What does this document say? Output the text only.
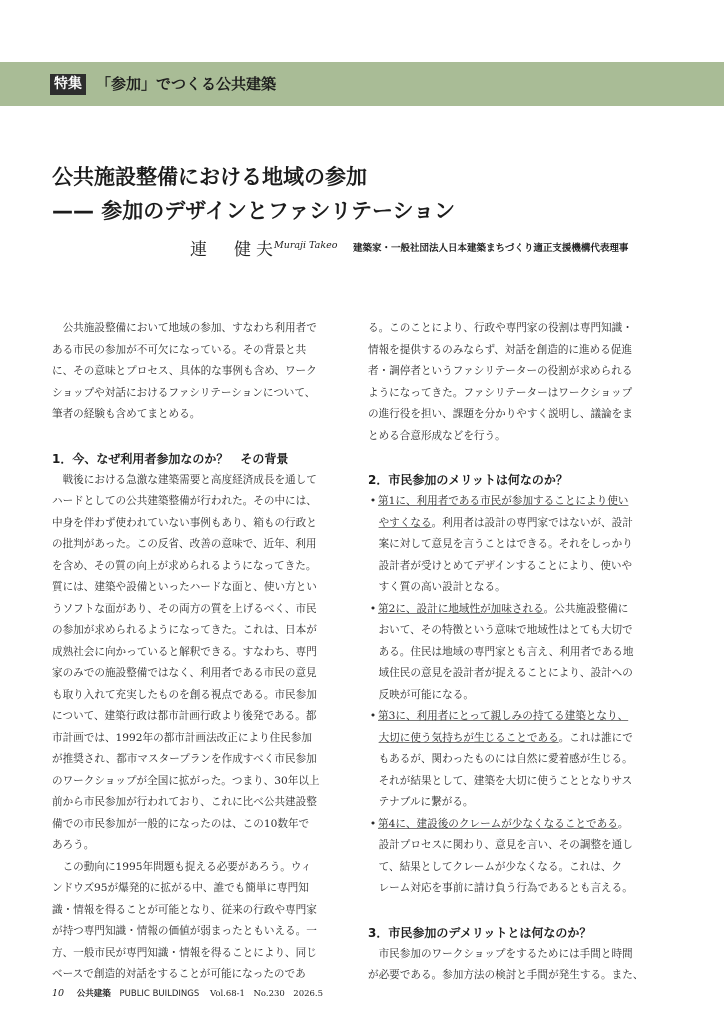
特集 「参加」でつくる公共建築
公共施設整備における地域の参加
—— 参加のデザインとファシリテーション
連　健夫
Muraji Takeo 建築家・一般社団法人日本建築まちづくり適正支援機構代表理事
　公共施設整備において地域の参加、すなわち利用者で
ある市民の参加が不可欠になっている。その背景と共
に、その意味とプロセス、具体的な事例も含め、ワーク
ショップや対話におけるファシリテーションについて、
筆者の経験も含めてまとめる。
1．今、なぜ利用者参加なのか？　その背景
　戦後における急激な建築需要と高度経済成長を通して
ハードとしての公共建築整備が行われた。その中には、
中身を伴わず使われていない事例もあり、箱もの行政と
の批判があった。この反省、改善の意味で、近年、利用
を含め、その質の向上が求められるようになってきた。
質には、建築や設備といったハードな面と、使い方とい
うソフトな面があり、その両方の質を上げるべく、市民
の参加が求められるようになってきた。これは、日本が
成熟社会に向かっていると解釈できる。すなわち、専門
家のみでの施設整備ではなく、利用者である市民の意見
も取り入れて充実したものを創る視点である。市民参加
について、建築行政は都市計画行政より後発である。都
市計画では、1992年の都市計画法改正により住民参加
が推奨され、都市マスタープランを作成すべく市民参加
のワークショップが全国に拡がった。つまり、30年以上
前から市民参加が行われており、これに比べ公共建設整
備での市民参加が一般的になったのは、この10数年で
あろう。
　この動向に1995年問題も捉える必要があろう。ウィ
ンドウズ95が爆発的に拡がる中、誰でも簡単に専門知
識・情報を得ることが可能となり、従来の行政や専門家
が持つ専門知識・情報の価値が弱まったともいえる。一
方、一般市民が専門知識・情報を得ることにより、同じ
ベースで創造的対話をすることが可能になったのであ
る。このことにより、行政や専門家の役割は専門知識・
情報を提供するのみならず、対話を創造的に進める促進
者・調停者というファシリテーターの役割が求められる
ようになってきた。ファシリテーターはワークショップ
の進行役を担い、課題を分かりやすく説明し、議論をま
とめる合意形成などを行う。
2．市民参加のメリットは何なのか？
• 第1に、利用者である市民が参加することにより使い
　やすくなる。利用者は設計の専門家ではないが、設計
　案に対して意見を言うことはできる。それをしっかり
　設計者が受けとめてデザインすることにより、使いや
　すく質の高い設計となる。
• 第2に、設計に地域性が加味される。公共施設整備に
　おいて、その特徴という意味で地域性はとても大切で
　ある。住民は地域の専門家とも言え、利用者である地
　域住民の意見を設計者が捉えることにより、設計への
　反映が可能になる。
• 第3に、利用者にとって親しみの持てる建築となり、
　大切に使う気持ちが生じることである。これは誰にで
　もあるが、関わったものには自然に愛着感が生じる。
　それが結果として、建築を大切に使うこととなりサス
　テナブルに繋がる。
• 第4に、建設後のクレームが少なくなることである。
　設計プロセスに関わり、意見を言い、その調整を通し
　て、結果としてクレームが少なくなる。これは、ク
　レーム対応を事前に請け負う行為であるとも言える。
3．市民参加のデメリットとは何なのか？
　市民参加のワークショップをするためには手間と時間
が必要である。参加方法の検討と手間が発生する。また、
10 公共建築 PUBLIC BUILDINGS Vol.68-1　No.230　2026.5
